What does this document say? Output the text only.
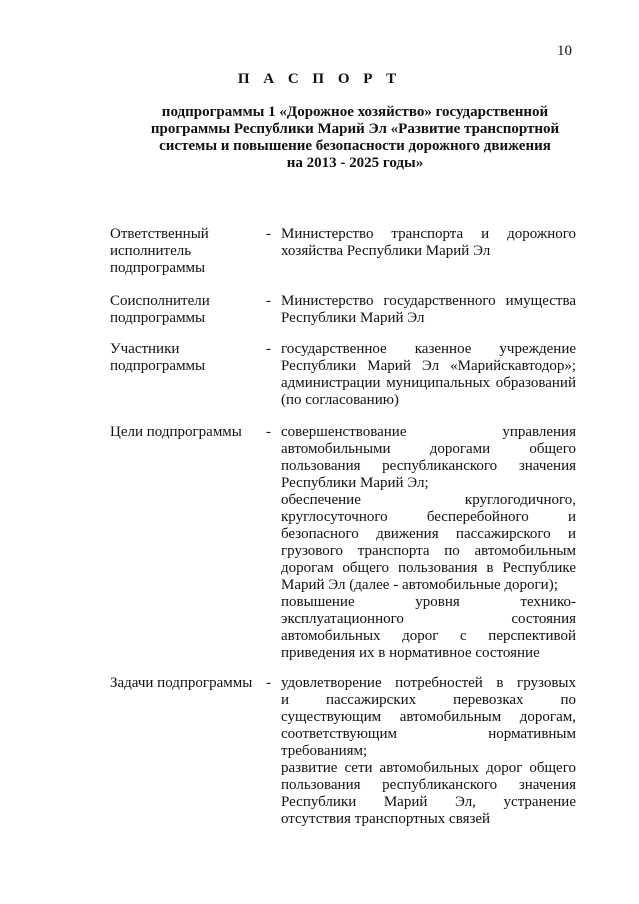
10
П А С П О Р Т
подпрограммы 1 «Дорожное хозяйство» государственной
программы Республики Марий Эл «Развитие транспортной
системы и повышение безопасности дорожного движения
на 2013 - 2025 годы»
Ответственный
исполнитель
подпрограммы
- Министерство транспорта и дорожного
хозяйства Республики Марий Эл
Соисполнители
подпрограммы
- Министерство государственного имущества
Республики Марий Эл
Участники
подпрограммы
- государственное казенное учреждение
Республики Марий Эл «Марийскавтодор»;
администрации муниципальных образований
(по согласованию)
Цели подпрограммы	- совершенствование управления
автомобильными дорогами общего
пользования республиканского значения
Республики Марий Эл;
обеспечение круглогодичного,
круглосуточного бесперебойного и
безопасного движения пассажирского и
грузового транспорта по автомобильным
дорогам общего пользования в Республике
Марий Эл (далее - автомобильные дороги);
повышение уровня технико-
эксплуатационного состояния
автомобильных дорог с перспективой
приведения их в нормативное состояние
Задачи подпрограммы - удовлетворение потребностей в грузовых
и пассажирских перевозках по
существующим автомобильным дорогам,
соответствующим нормативным
требованиям;
развитие сети автомобильных дорог общего
пользования республиканского значения
Республики Марий Эл, устранение
отсутствия транспортных связей
